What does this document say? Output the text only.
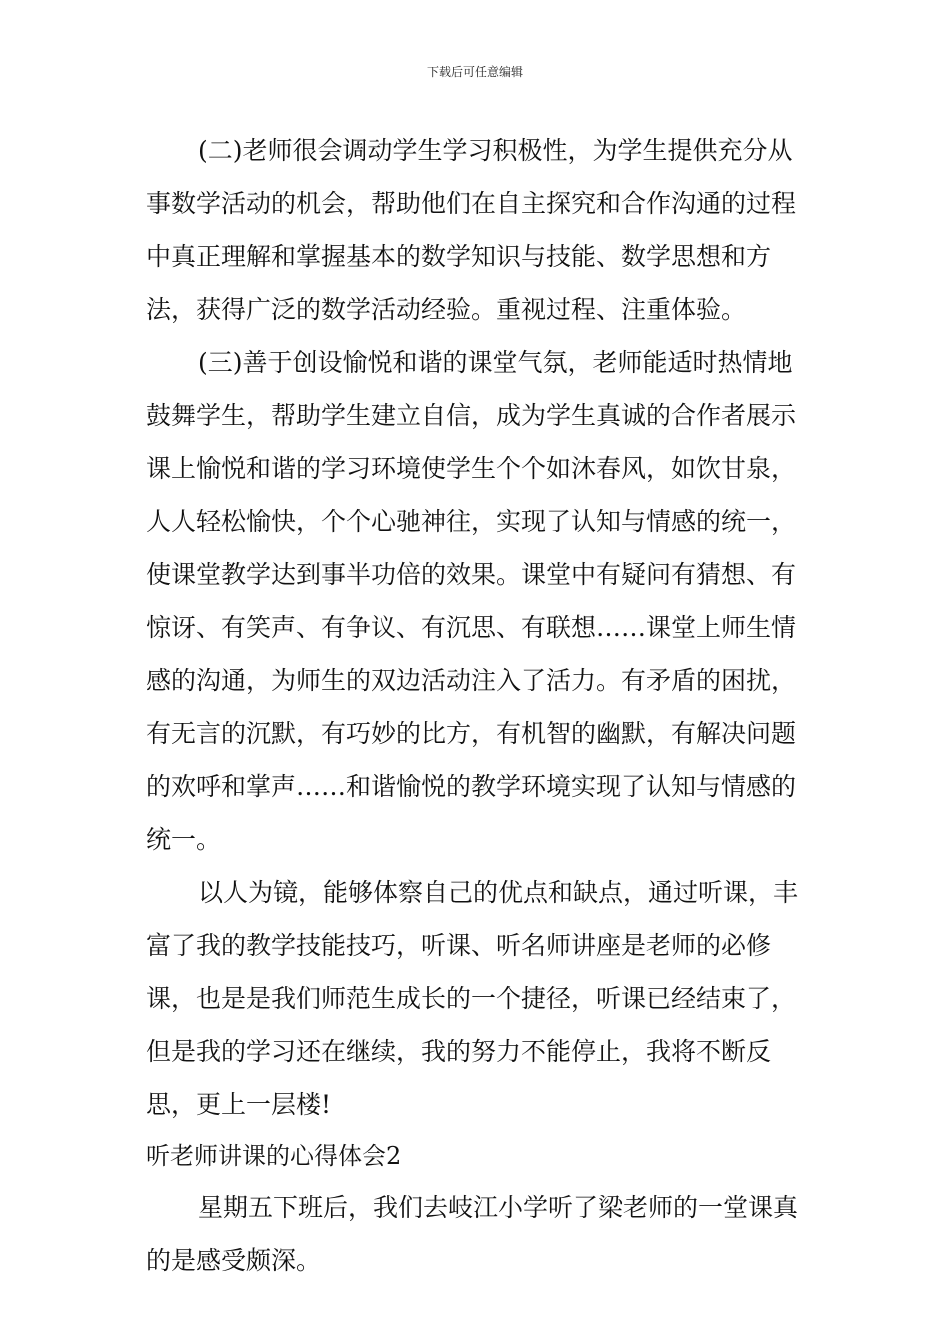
下载后可任意编辑

(二)老师很会调动学生学习积极性，为学生提供充分从事数学活动的机会，帮助他们在自主探究和合作沟通的过程中真正理解和掌握基本的数学知识与技能、数学思想和方法，获得广泛的数学活动经验。重视过程、注重体验。

(三)善于创设愉悦和谐的课堂气氛，老师能适时热情地鼓舞学生，帮助学生建立自信，成为学生真诚的合作者展示课上愉悦和谐的学习环境使学生个个如沐春风，如饮甘泉，人人轻松愉快，个个心驰神往，实现了认知与情感的统一，使课堂教学达到事半功倍的效果。课堂中有疑问有猜想、有惊讶、有笑声、有争议、有沉思、有联想……课堂上师生情感的沟通，为师生的双边活动注入了活力。有矛盾的困扰，有无言的沉默，有巧妙的比方，有机智的幽默，有解决问题的欢呼和掌声……和谐愉悦的教学环境实现了认知与情感的统一。

以人为镜，能够体察自己的优点和缺点，通过听课，丰富了我的教学技能技巧，听课、听名师讲座是老师的必修课，也是是我们师范生成长的一个捷径，听课已经结束了，但是我的学习还在继续，我的努力不能停止，我将不断反思，更上一层楼!

听老师讲课的心得体会2

星期五下班后，我们去岐江小学听了梁老师的一堂课真的是感受颇深。
